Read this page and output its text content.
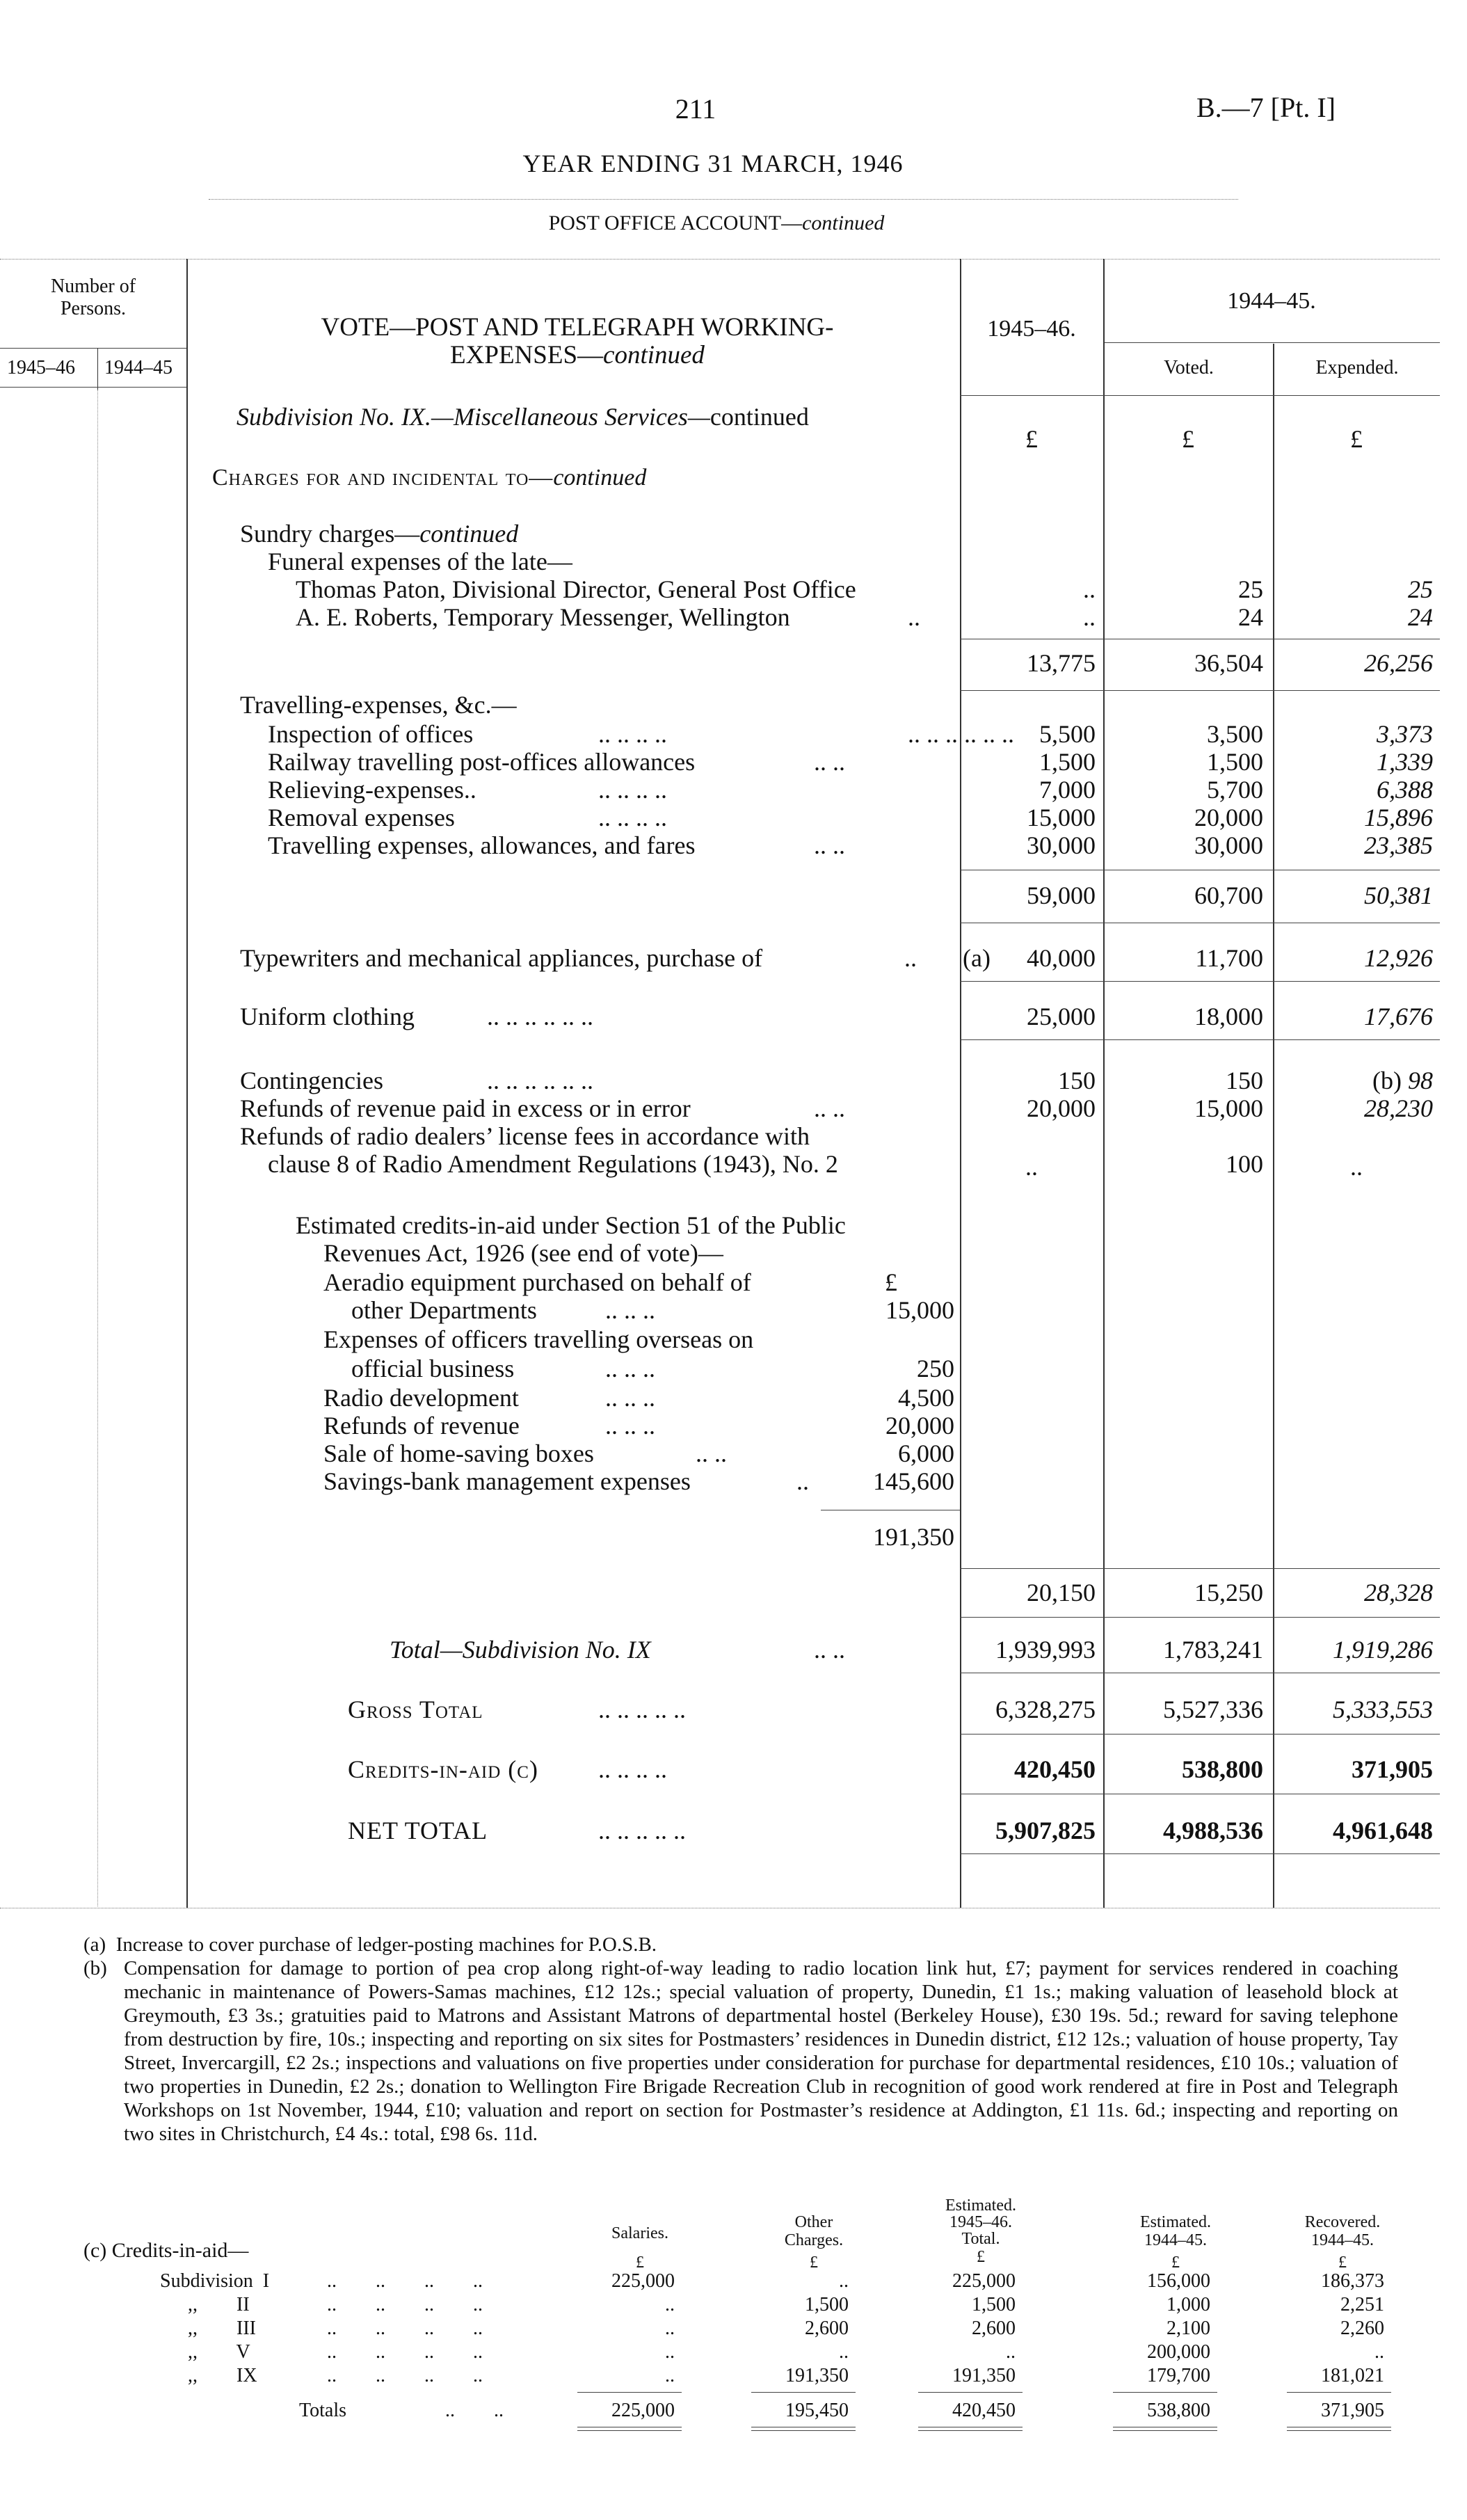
211	B.—7 [Pt. I]
YEAR ENDING 31 MARCH, 1946
POST OFFICE ACCOUNT—continued
Number of Persons.
1945–46 1944–45
VOTE—POST AND TELEGRAPH WORKING-
EXPENSES—continued
1945–46.
1944–45.
Voted.	Expended.
£	£	£
Subdivision No. IX.—Miscellaneous Services—continued
Charges for and incidental to—continued
Sundry charges—continued
Funeral expenses of the late—
Thomas Paton, Divisional Director, General Post Office	..	25	25
A. E. Roberts, Temporary Messenger, Wellington	..	..	24	24
13,775	36,504	26,256
Travelling-expenses, &c.—
Inspection of offices	.. .. .. ..	.. .. .. .. .. ..	5,500	3,500	3,373
Railway travelling post-offices allowances	.. ..	1,500	1,500	1,339
Relieving-expenses..	.. .. .. ..	7,000	5,700	6,388
Removal expenses	.. .. .. ..	15,000	20,000	15,896
Travelling expenses, allowances, and fares	.. ..	30,000	30,000	23,385
59,000	60,700	50,381
Typewriters and mechanical appliances, purchase of	.. (a)	40,000	11,700	12,926
Uniform clothing	.. .. .. .. .. ..	25,000	18,000	17,676
Contingencies	.. .. .. .. .. ..	150	150	(b) 98
Refunds of revenue paid in excess or in error	.. ..	20,000	15,000	28,230
Refunds of radio dealers’ license fees in accordance with
clause 8 of Radio Amendment Regulations (1943), No. 2	..	100	..
Estimated credits-in-aid under Section 51 of the Public
Revenues Act, 1926 (see end of vote)—
Aeradio equipment purchased on behalf of	£
other Departments	.. .. ..	15,000
Expenses of officers travelling overseas on
official business	.. .. ..	250
Radio development	.. .. ..	4,500
Refunds of revenue	.. .. ..	20,000
Sale of home-saving boxes	.. ..	6,000
Savings-bank management expenses	..	145,600
191,350
20,150	15,250	28,328
Total—Subdivision No. IX	.. ..	1,939,993	1,783,241	1,919,286
Gross Total	.. .. .. .. ..	6,328,275	5,527,336	5,333,553
Credits-in-aid (c) .. .. .. ..	420,450	538,800	371,905
NET TOTAL	.. .. .. .. ..	5,907,825	4,988,536	4,961,648
(a) Increase to cover purchase of ledger-posting machines for P.O.S.B.
(b) Compensation for damage to portion of pea crop along right-of-way leading to radio location link hut, £7; payment for services rendered in coaching mechanic in maintenance of Powers-Samas machines, £12 12s.; special valuation of property, Dunedin, £1 1s.; making valuation of leasehold block at Greymouth, £3 3s.; gratuities paid to Matrons and Assistant Matrons of departmental hostel (Berkeley House), £30 19s. 5d.; reward for saving telephone from destruction by fire, 10s.; inspecting and reporting on six sites for Postmasters’ residences in Dunedin district, £12 12s.; valuation of house property, Tay Street, Invercargill, £2 2s.; inspections and valuations on five properties under consideration for purchase for departmental residences, £10 10s.; valuation of two properties in Dunedin, £2 2s.; donation to Wellington Fire Brigade Recreation Club in recognition of good work rendered at fire in Post and Telegraph Workshops on 1st November, 1944, £10; valuation and report on section for Postmaster’s residence at Addington, £1 11s. 6d.; inspecting and reporting on two sites in Christchurch, £4 4s.: total, £98 6s. 11d.
(c) Credits-in-aid—
Salaries.
Other
Charges.
Estimated.
1945–46.
Total.
Estimated.
1944–45.
Recovered.
1944–45.
£	£	£	£	£
Subdivision  I	..        ..        ..        ..	225,000	..	225,000	156,000	186,373
,,        II	..        ..        ..        ..	..	1,500	1,500	1,000	2,251
,,        III	..        ..        ..        ..	..	2,600	2,600	2,100	2,260
,,        V	..        ..        ..        ..	..	..	..	200,000	..
,,        IX	..        ..        ..        ..	..	191,350	191,350	179,700	181,021
Totals	..        ..	225,000	195,450	420,450	538,800	371,905
